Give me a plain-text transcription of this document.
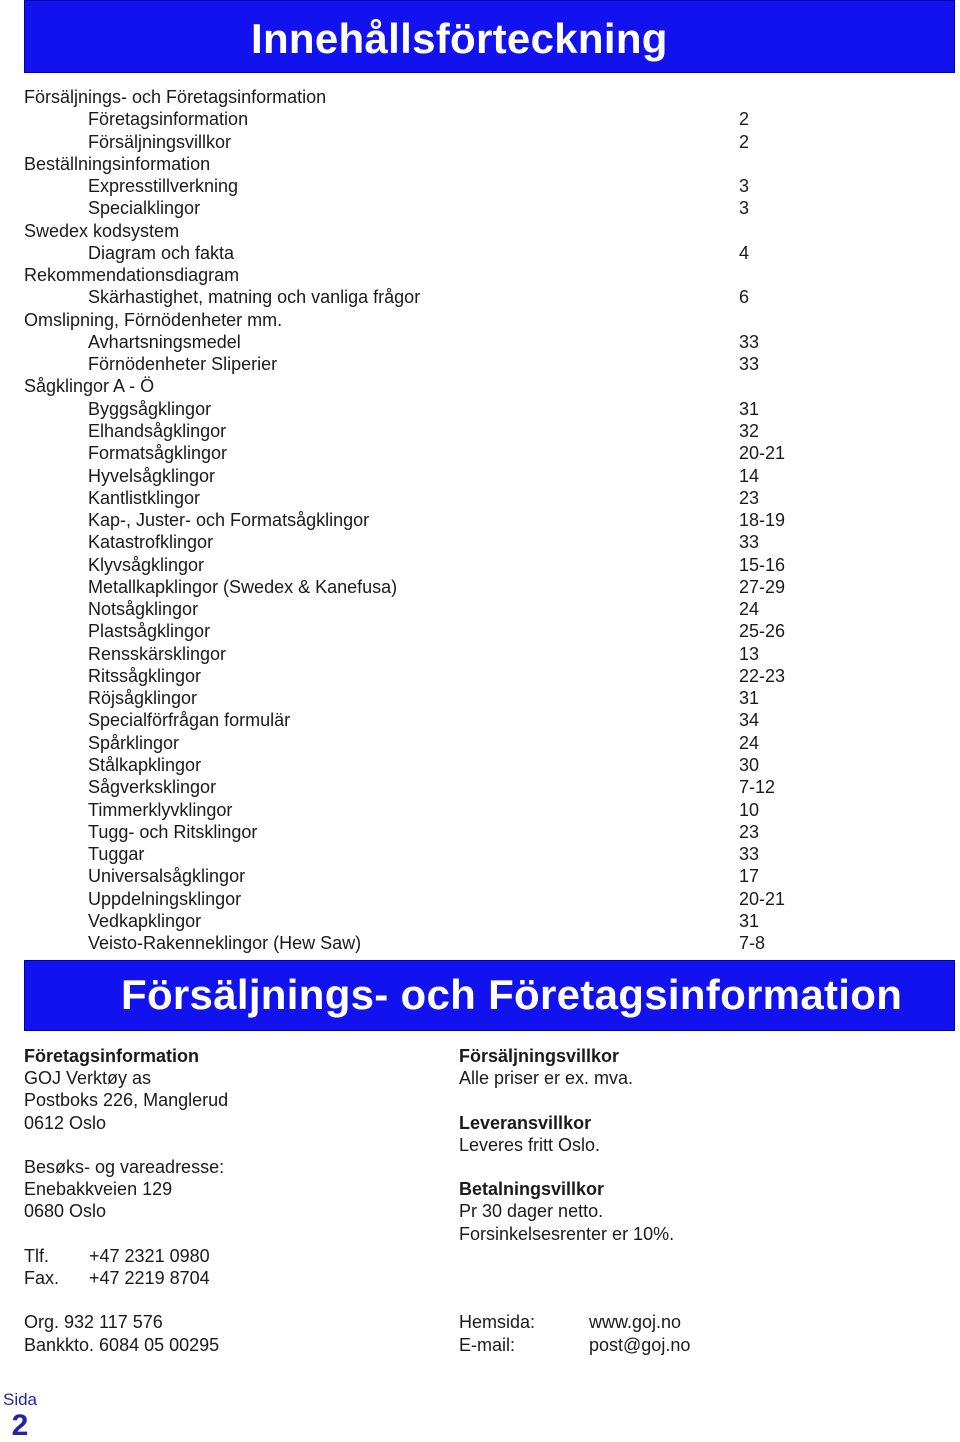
Innehållsförteckning
Försäljnings- och Företagsinformation
Företagsinformation	2
Försäljningsvillkor	2
Beställningsinformation
Expresstillverkning	3
Specialklingor	3
Swedex kodsystem
Diagram och fakta	4
Rekommendationsdiagram
Skärhastighet, matning och vanliga frågor	6
Omslipning, Förnödenheter mm.
Avhartsningsmedel	33
Förnödenheter Sliperier	33
Sågklingor A - Ö
Byggsågklingor	31
Elhandsågklingor	32
Formatsågklingor	20-21
Hyvelsågklingor	14
Kantlistklingor	23
Kap-, Juster- och Formatsågklingor	18-19
Katastrofklingor	33
Klyvsågklingor	15-16
Metallkapklingor (Swedex & Kanefusa)	27-29
Notsågklingor	24
Plastsågklingor	25-26
Rensskärsklingor	13
Ritssågklingor	22-23
Röjsågklingor	31
Specialförfrågan formulär	34
Spårklingor	24
Stålkapklingor	30
Sågverksklingor	7-12
Timmerklyvklingor	10
Tugg- och Ritsklingor	23
Tuggar	33
Universalsågklingor	17
Uppdelningsklingor	20-21
Vedkapklingor	31
Veisto-Rakenneklingor (Hew Saw)	7-8
Försäljnings- och Företagsinformation
Företagsinformation
GOJ Verktøy as
Postboks 226, Manglerud
0612 Oslo
Besøks- og vareadresse:
Enebakkveien 129
0680 Oslo
Tlf. +47 2321 0980
Fax. +47 2219 8704
Org. 932 117 576
Bankkto. 6084 05 00295
Försäljningsvillkor
Alle priser er ex. mva.
Leveransvillkor
Leveres fritt Oslo.
Betalningsvillkor
Pr 30 dager netto.
Forsinkelsesrenter er 10%.
Hemsida:	www.goj.no
E-mail:	post@goj.no
Sida
2
